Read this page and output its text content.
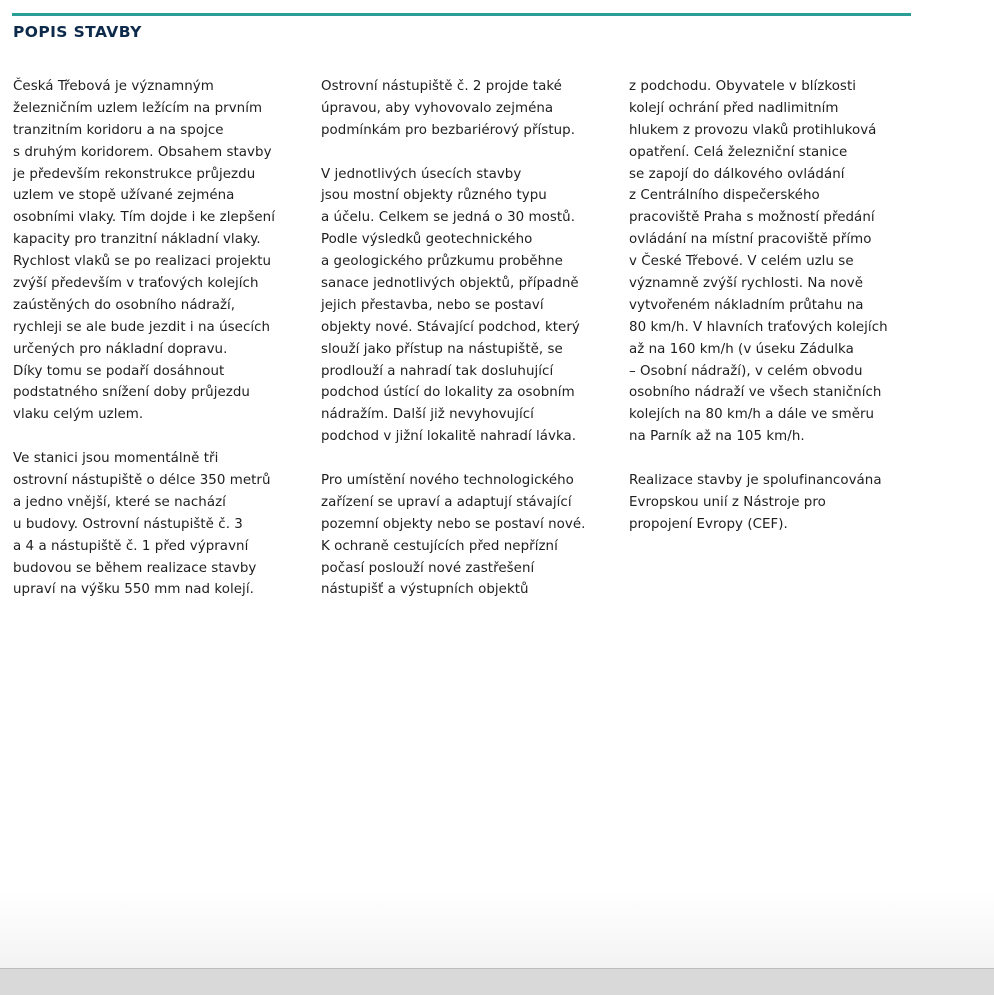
POPIS STAVBY
Česká Třebová je významným
železničním uzlem ležícím na prvním
tranzitním koridoru a na spojce
s druhým koridorem. Obsahem stavby
je především rekonstrukce průjezdu
uzlem ve stopě užívané zejména
osobními vlaky. Tím dojde i ke zlepšení
kapacity pro tranzitní nákladní vlaky.
Rychlost vlaků se po realizaci projektu
zvýší především v traťových kolejích
zaústěných do osobního nádraží,
rychleji se ale bude jezdit i na úsecích
určených pro nákladní dopravu.
Díky tomu se podaří dosáhnout
podstatného snížení doby průjezdu
vlaku celým uzlem.
Ve stanici jsou momentálně tři
ostrovní nástupiště o délce 350 metrů
a jedno vnější, které se nachází
u budovy. Ostrovní nástupiště č. 3
a 4 a nástupiště č. 1 před výpravní
budovou se během realizace stavby
upraví na výšku 550 mm nad kolejí.
Ostrovní nástupiště č. 2 projde také
úpravou, aby vyhovovalo zejména
podmínkám pro bezbariérový přístup.
V jednotlivých úsecích stavby
jsou mostní objekty různého typu
a účelu. Celkem se jedná o 30 mostů.
Podle výsledků geotechnického
a geologického průzkumu proběhne
sanace jednotlivých objektů, případně
jejich přestavba, nebo se postaví
objekty nové. Stávající podchod, který
slouží jako přístup na nástupiště, se
prodlouží a nahradí tak dosluhující
podchod ústící do lokality za osobním
nádražím. Další již nevyhovující
podchod v jižní lokalitě nahradí lávka.
Pro umístění nového technologického
zařízení se upraví a adaptují stávající
pozemní objekty nebo se postaví nové.
K ochraně cestujících před nepřízní
počasí poslouží nové zastřešení
nástupišť a výstupních objektů
z podchodu. Obyvatele v blízkosti
kolejí ochrání před nadlimitním
hlukem z provozu vlaků protihluková
opatření. Celá železniční stanice
se zapojí do dálkového ovládání
z Centrálního dispečerského
pracoviště Praha s možností předání
ovládání na místní pracoviště přímo
v České Třebové. V celém uzlu se
významně zvýší rychlosti. Na nově
vytvořeném nákladním průtahu na
80 km/h. V hlavních traťových kolejích
až na 160 km/h (v úseku Zádulka
– Osobní nádraží), v celém obvodu
osobního nádraží ve všech staničních
kolejích na 80 km/h a dále ve směru
na Parník až na 105 km/h.
Realizace stavby je spolufinancována
Evropskou unií z Nástroje pro
propojení Evropy (CEF).
